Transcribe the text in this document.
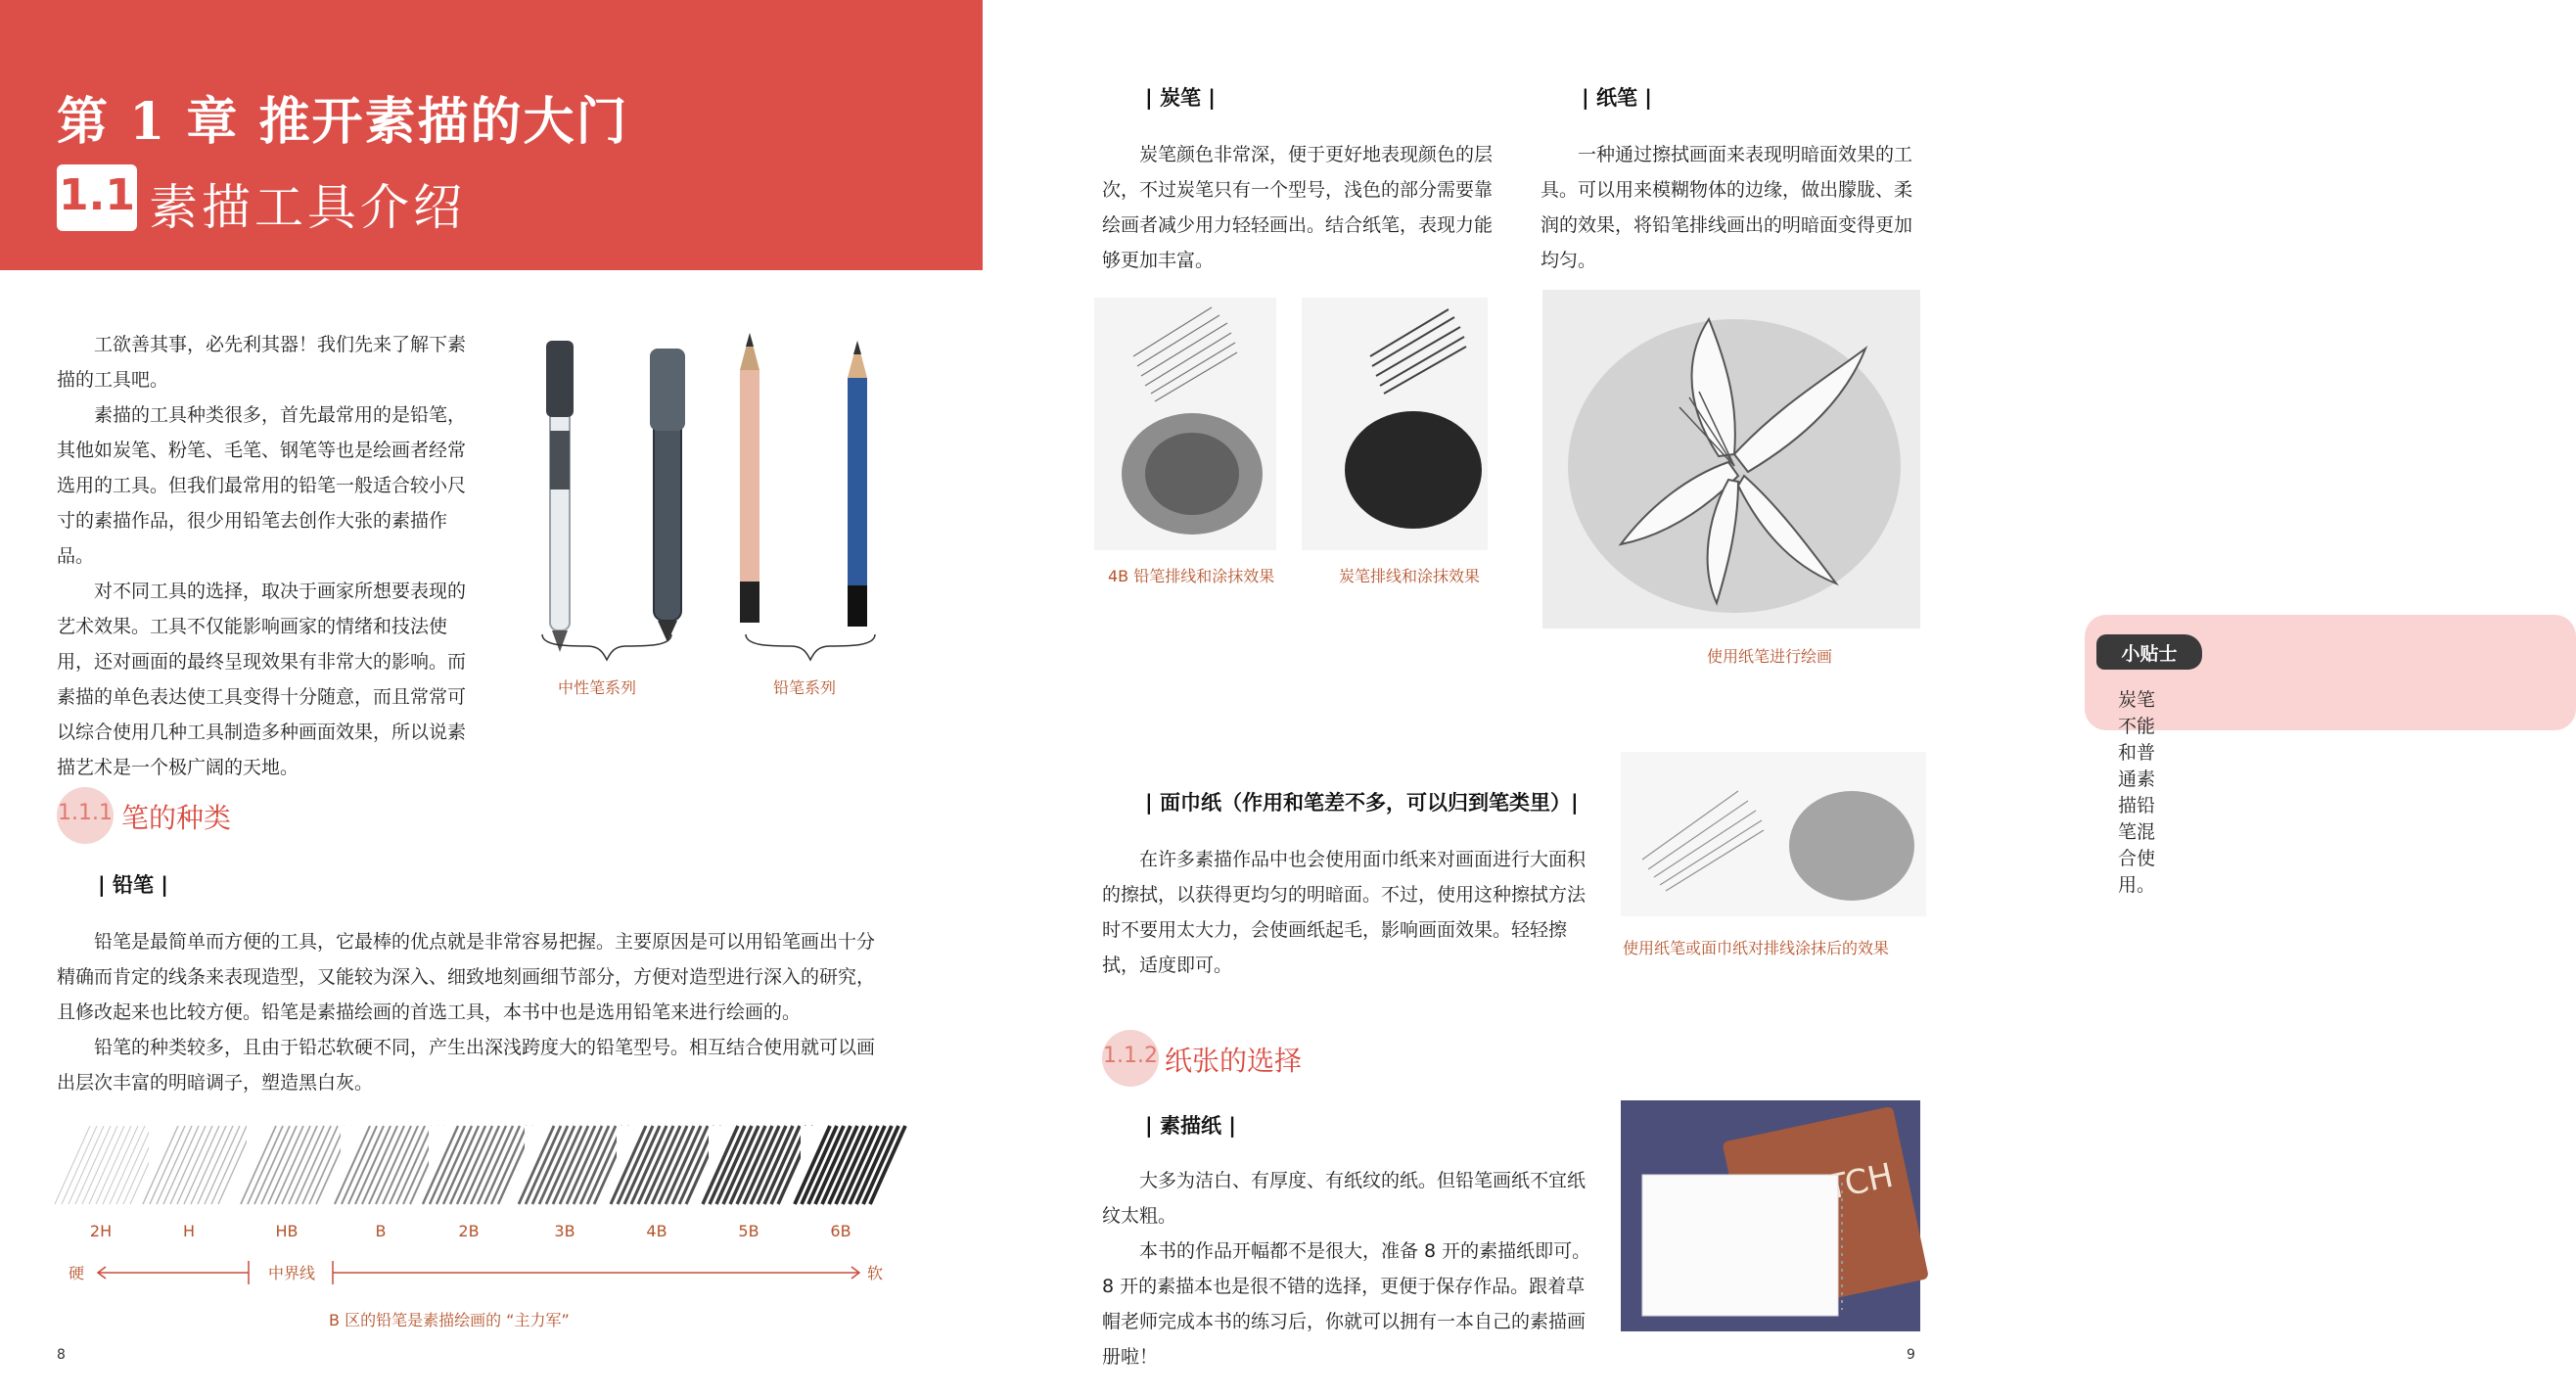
第 1 章 推开素描的大门
1.1 素描工具介绍

工欲善其事，必先利其器！我们先来了解下素描的工具吧。

素描的工具种类很多，首先最常用的是铅笔，其他如炭笔、粉笔、毛笔、钢笔等也是绘画者经常选用的工具。但我们最常用的铅笔一般适合较小尺寸的素描作品，很少用铅笔去创作大张的素描作品。

对不同工具的选择，取决于画家所想要表现的艺术效果。工具不仅能影响画家的情绪和技法使用，还对画面的最终呈现效果有非常大的影响。而素描的单色表达使工具变得十分随意，而且常常可以综合使用几种工具制造多种画面效果，所以说素描艺术是一个极广阔的天地。

中性笔系列	铅笔系列
1.1.1 笔的种类
| 铅笔 |

铅笔是最简单而方便的工具，它最棒的优点就是非常容易把握。主要原因是可以用铅笔画出十分精确而肯定的线条来表现造型，又能较为深入、细致地刻画细节部分，方便对造型进行深入的研究，且修改起来也比较方便。铅笔是素描绘画的首选工具，本书中也是选用铅笔来进行绘画的。

铅笔的种类较多，且由于铅芯软硬不同，产生出深浅跨度大的铅笔型号。相互结合使用就可以画出层次丰富的明暗调子，塑造黑白灰。

2H	H	HB	B	2B	3B	4B	5B	6B
硬	中界线	软
B 区的铅笔是素描绘画的 “主力军”
8
| 炭笔 |

炭笔颜色非常深，便于更好地表现颜色的层次，不过炭笔只有一个型号，浅色的部分需要靠绘画者减少用力轻轻画出。结合纸笔，表现力能够更加丰富。

| 纸笔 |

一种通过擦拭画面来表现明暗面效果的工具。可以用来模糊物体的边缘，做出朦胧、柔润的效果，将铅笔排线画出的明暗面变得更加均匀。

4B 铅笔排线和涂抹效果	炭笔排线和涂抹效果
使用纸笔进行绘画	小贴士
炭笔不能和普通素描铅笔混合使用。
| 面巾纸（作用和笔差不多，可以归到笔类里）|

在许多素描作品中也会使用面巾纸来对画面进行大面积的擦拭，以获得更均匀的明暗面。不过，使用这种擦拭方法时不要用太大力，会使画纸起毛，影响画面效果。轻轻擦拭，适度即可。

使用纸笔或面巾纸对排线涂抹后的效果
1.1.2 纸张的选择
| 素描纸 |

大多为洁白、有厚度、有纸纹的纸。但铅笔画纸不宜纸纹太粗。

本书的作品开幅都不是很大，准备 8 开的素描纸即可。8 开的素描本也是很不错的选择，更便于保存作品。跟着草帽老师完成本书的练习后，你就可以拥有一本自己的素描画册啦！	9
